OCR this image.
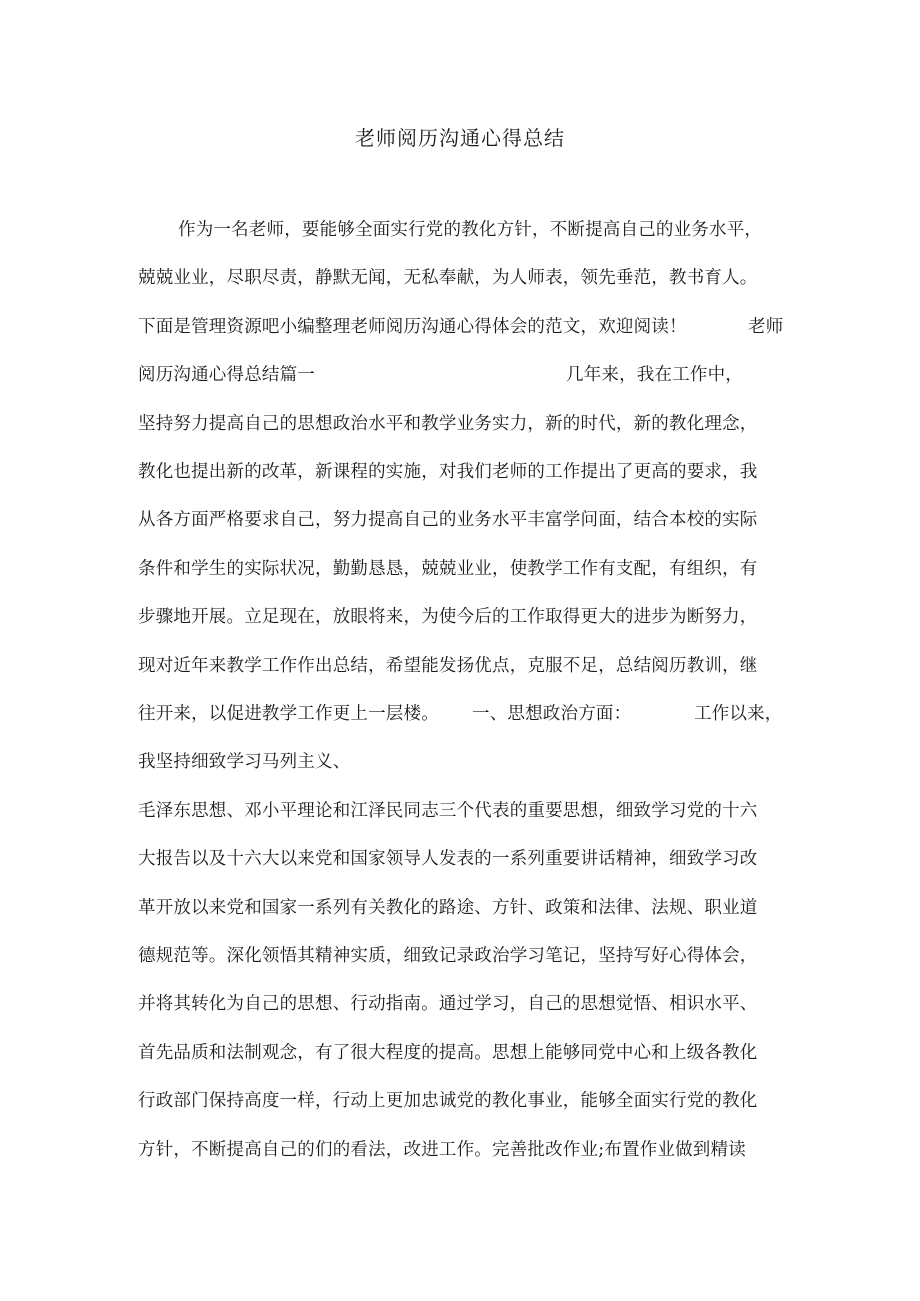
老师阅历沟通心得总结
作为一名老师，要能够全面实行党的教化方针，不断提高自己的业务水平，
兢兢业业，尽职尽责，静默无闻，无私奉献，为人师表，领先垂范，教书育人。
下面是管理资源吧小编整理老师阅历沟通心得体会的范文，欢迎阅读！	老师
阅历沟通心得总结篇一	几年来，我在工作中，
坚持努力提高自己的思想政治水平和教学业务实力，新的时代，新的教化理念，
教化也提出新的改革，新课程的实施，对我们老师的工作提出了更高的要求，我
从各方面严格要求自己，努力提高自己的业务水平丰富学问面，结合本校的实际
条件和学生的实际状况，勤勤恳恳，兢兢业业，使教学工作有支配，有组织，有
步骤地开展。立足现在，放眼将来，为使今后的工作取得更大的进步为断努力，
现对近年来教学工作作出总结，希望能发扬优点，克服不足，总结阅历教训，继
往开来，以促进教学工作更上一层楼。 一、思想政治方面：	工作以来，
我坚持细致学习马列主义、
毛泽东思想、邓小平理论和江泽民同志三个代表的重要思想，细致学习党的十六
大报告以及十六大以来党和国家领导人发表的一系列重要讲话精神，细致学习改
革开放以来党和国家一系列有关教化的路途、方针、政策和法律、法规、职业道
德规范等。深化领悟其精神实质，细致记录政治学习笔记，坚持写好心得体会，
并将其转化为自己的思想、行动指南。通过学习，自己的思想觉悟、相识水平、
首先品质和法制观念，有了很大程度的提高。思想上能够同党中心和上级各教化
行政部门保持高度一样，行动上更加忠诚党的教化事业，能够全面实行党的教化
方针，不断提高自己的们的看法，改进工作。完善批改作业;布置作业做到精读
